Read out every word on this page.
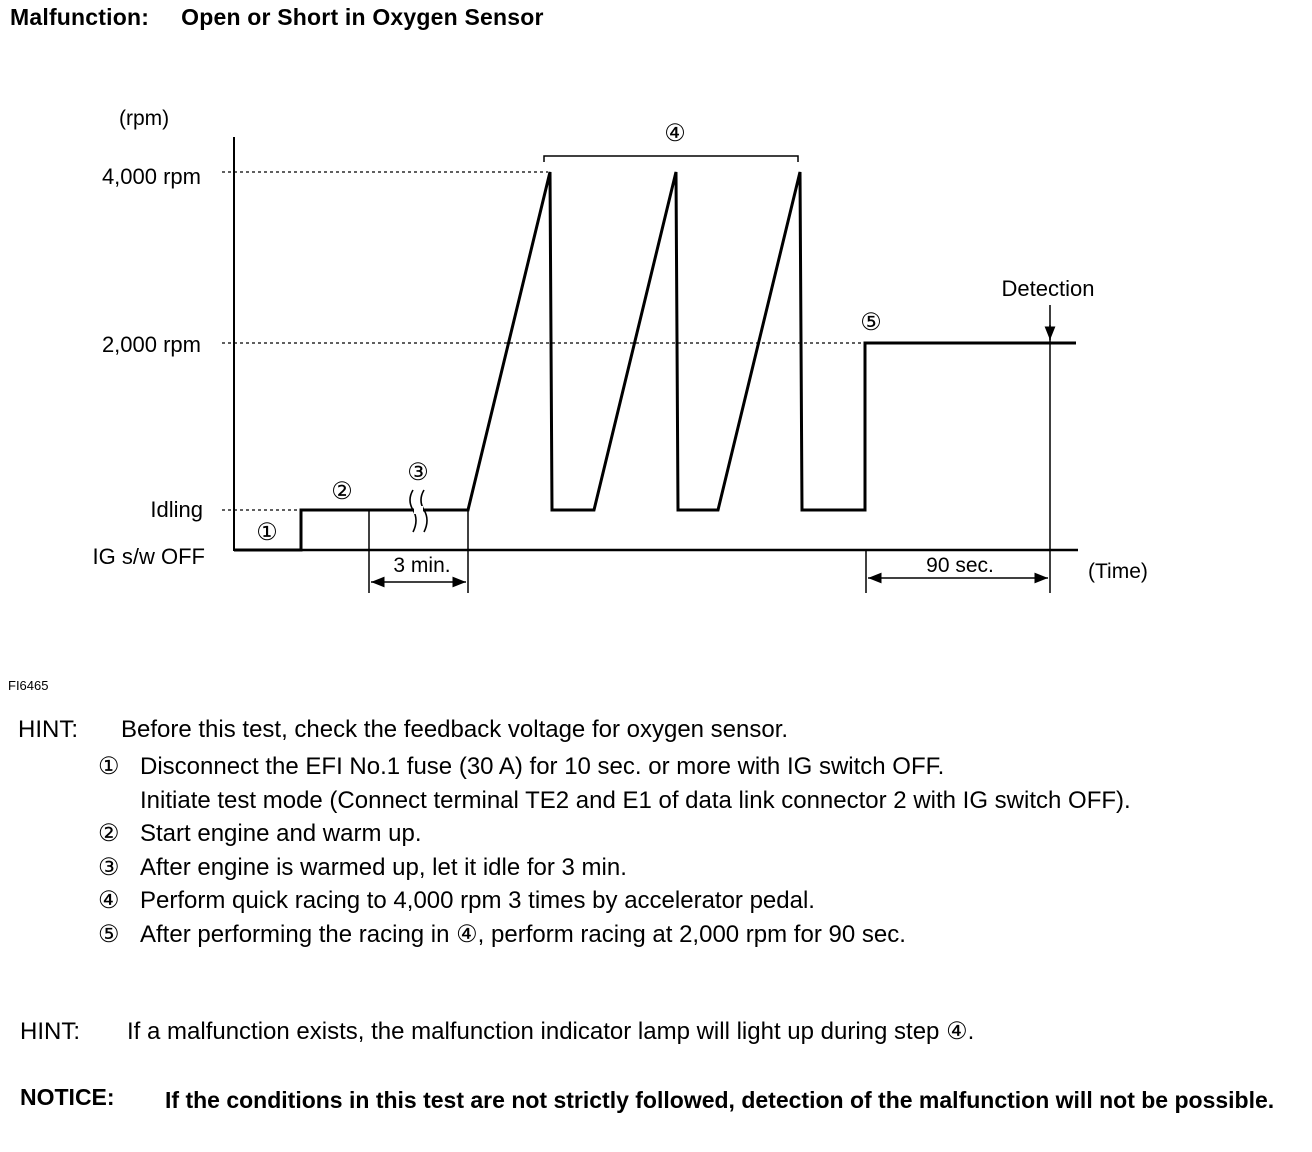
Malfunction: Open or Short in Oxygen Sensor
(rpm)
4,000 rpm
2,000 rpm
Idling
IG s/w OFF
①
②
③
④
⑤
3 min.	90 sec.	(Time)
Detection
FI6465
HINT: Before this test, check the feedback voltage for oxygen sensor.
① Disconnect the EFI No.1 fuse (30 A) for 10 sec. or more with IG switch OFF.
Initiate test mode (Connect terminal TE2 and E1 of data link connector 2 with IG switch OFF).
② Start engine and warm up.
③ After engine is warmed up, let it idle for 3 min.
④ Perform quick racing to 4,000 rpm 3 times by accelerator pedal.
⑤ After performing the racing in ④, perform racing at 2,000 rpm for 90 sec.
HINT: If a malfunction exists, the malfunction indicator lamp will light up during step ④.
NOTICE: If the conditions in this test are not strictly followed, detection of the malfunction will not be possible.
